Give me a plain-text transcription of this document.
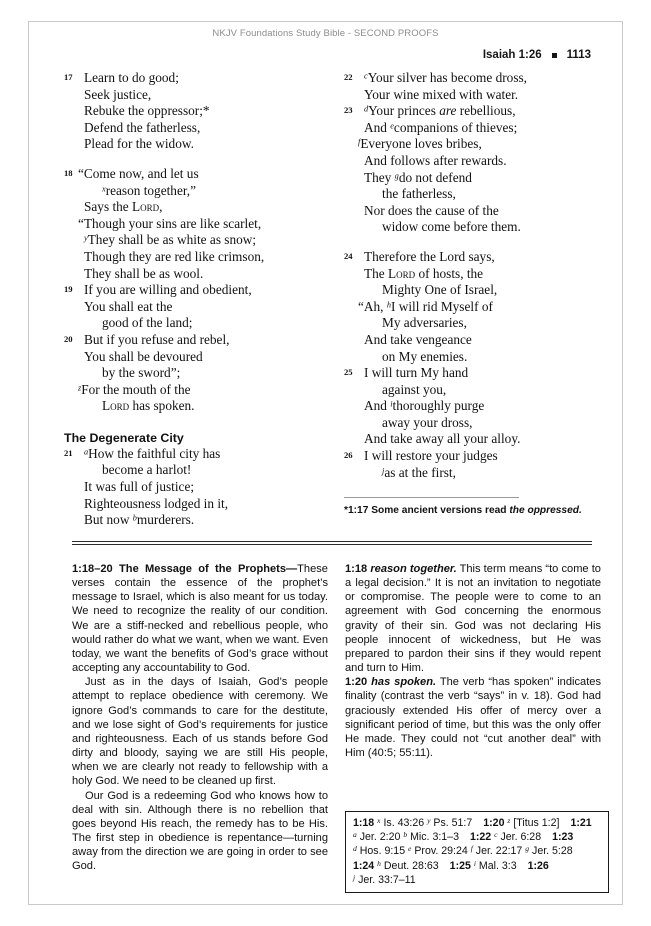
NKJV Foundations Study Bible - SECOND PROOFS
Isaiah 1:26 1113
17 Learn to do good;
Seek justice,
Rebuke the oppressor;*
Defend the fatherless,
Plead for the widow.
18 “Come now, and let us
$^x$reason together,”
Says the Lord,
“Though your sins are like scarlet,
$^y$They shall be as white as snow;
Though they are red like crimson,
They shall be as wool.
19 If you are willing and obedient,
You shall eat the
good of the land;
20 But if you refuse and rebel,
You shall be devoured
by the sword”;
$^z$For the mouth of the
Lord has spoken.
The Degenerate City
21	$^a$How the faithful city has
become a harlot!
It was full of justice;
Righteousness lodged in it,
But now $^b$murderers.
22	$^c$Your silver has become dross,
Your wine mixed with water.
23	$^d$Your princes are rebellious,
And $^e$companions of thieves;
$^f$Everyone loves bribes,
And follows after rewards.
They $^g$do not defend
the fatherless,
Nor does the cause of the
widow come before them.
24 Therefore the Lord says,
The Lord of hosts, the
Mighty One of Israel,
“Ah, $^h$I will rid Myself of
My adversaries,
And take vengeance
on My enemies.
25 I will turn My hand
against you,
And $^i$thoroughly purge
away your dross,
And take away all your alloy.
26 I will restore your judges
$^j$as at the first,
*1:17 Some ancient versions read the oppressed.

1:18–20 The Message of the Prophets—These verses contain the essence of the prophet’s message to Israel, which is also meant for us today. We need to recognize the reality of our condition. We are a stiff-necked and rebellious people, who would rather do what we want, when we want. Even today, we want the benefits of God’s grace without accepting any accountability to God.

Just as in the days of Isaiah, God’s people attempt to replace obedience with ceremony. We ignore God’s commands to care for the destitute, and we lose sight of God’s requirements for justice and righteousness. Each of us stands before God dirty and bloody, saying we are still His people, when we are clearly not ready to fellowship with a holy God. We need to be cleaned up first.

Our God is a redeeming God who knows how to deal with sin. Although there is no rebellion that goes beyond His reach, the remedy has to be His. The first step in obedience is repentance—turning away from the direction we are going in order to see God.

1:18 reason together. This term means “to come to a legal decision.” It is not an invitation to negotiate or compromise. The people were to come to an agreement with God concerning the enormous gravity of their sin. God was not declaring His people innocent of wickedness, but He was prepared to pardon their sins if they would repent and turn to Him.

1:20 has spoken. The verb “has spoken” indicates finality (contrast the verb “says” in v. 18). God had graciously extended His offer of mercy over a significant period of time, but this was the only offer He made. They could not “cut another deal” with Him (40:5; 55:11).

1:18 $^x$ Is. 43:26 $^y$ Ps. 51:7 1:20 $^z$ [Titus 1:2] 1:21 $^a$ Jer. 2:20 $^b$ Mic. 3:1–3 1:22 $^c$ Jer. 6:28 1:23 $^d$ Hos. 9:15 $^e$ Prov. 29:24 $^f$ Jer. 22:17 $^g$ Jer. 5:281:24 $^h$ Deut. 28:63 1:25 $^i$ Mal. 3:3 1:26 $^j$ Jer. 33:7–11
